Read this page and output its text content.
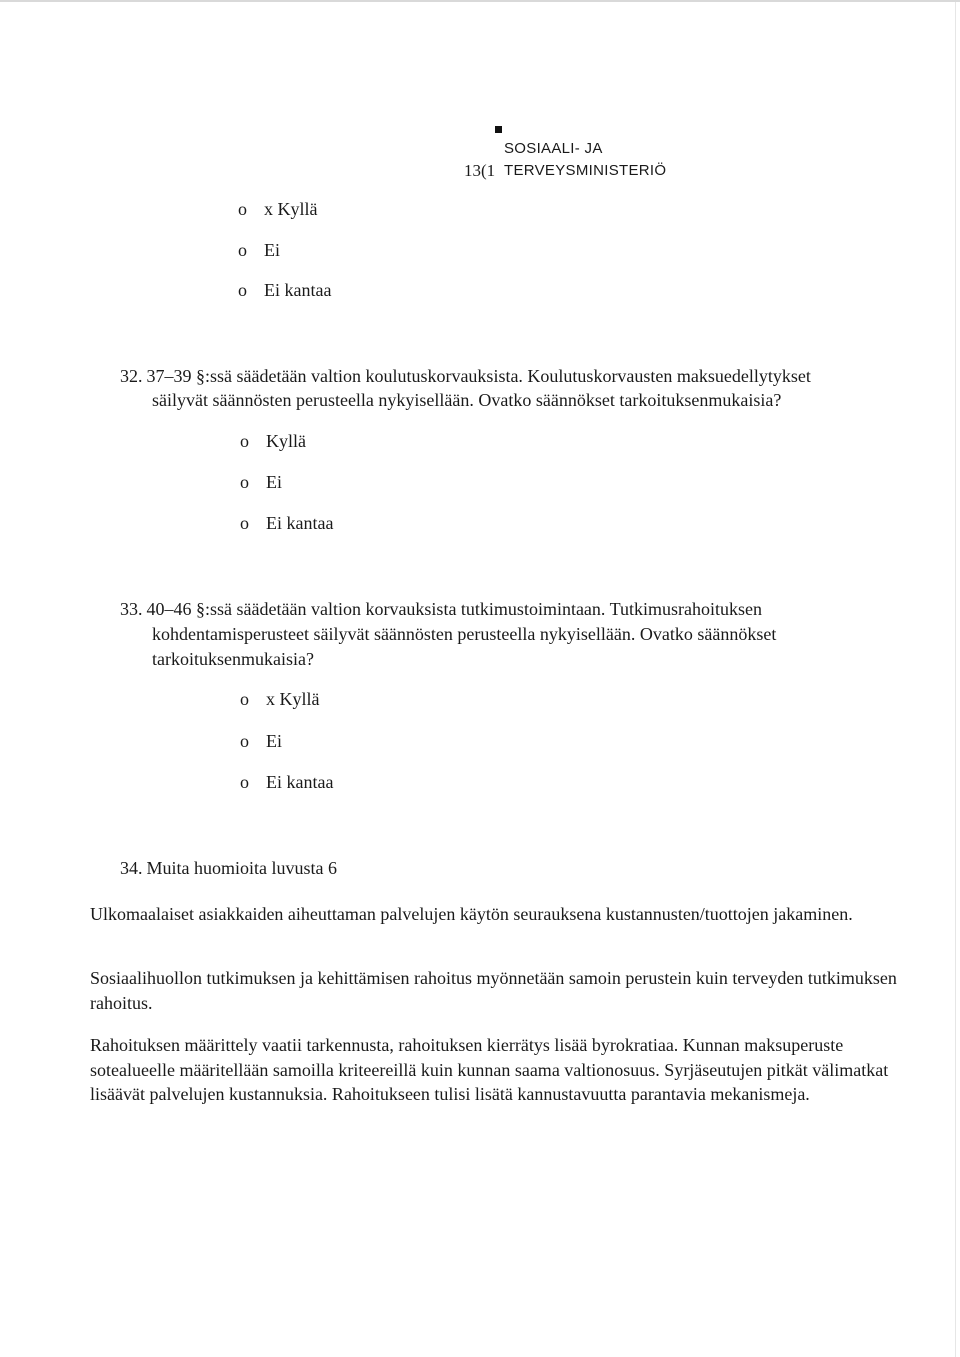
SOSIAALI- JA
13(1 TERVEYSMINISTERIÖ
o x Kyllä
o Ei
o Ei kantaa
32. 37–39 §:ssä säädetään valtion koulutuskorvauksista. Koulutuskorvausten maksuedellytykset
säilyvät säännösten perusteella nykyisellään. Ovatko säännökset tarkoituksenmukaisia?
o Kyllä
o Ei
o Ei kantaa
33. 40–46 §:ssä säädetään valtion korvauksista tutkimustoimintaan. Tutkimusrahoituksen
kohdentamisperusteet säilyvät säännösten perusteella nykyisellään. Ovatko säännökset
tarkoituksenmukaisia?
o x Kyllä
o Ei
o Ei kantaa
34. Muita huomioita luvusta 6
Ulkomaalaiset asiakkaiden aiheuttaman palvelujen käytön seurauksena kustannusten/tuottojen jakaminen.
Sosiaalihuollon tutkimuksen ja kehittämisen rahoitus myönnetään samoin perustein kuin terveyden tutkimuksen rahoitus.
Rahoituksen määrittely vaatii tarkennusta, rahoituksen kierrätys lisää byrokratiaa. Kunnan maksuperuste sotealueelle määritellään samoilla kriteereillä kuin kunnan saama valtionosuus. Syrjäseutujen pitkät välimatkat lisäävät palvelujen kustannuksia. Rahoitukseen tulisi lisätä kannustavuutta parantavia mekanismeja.
